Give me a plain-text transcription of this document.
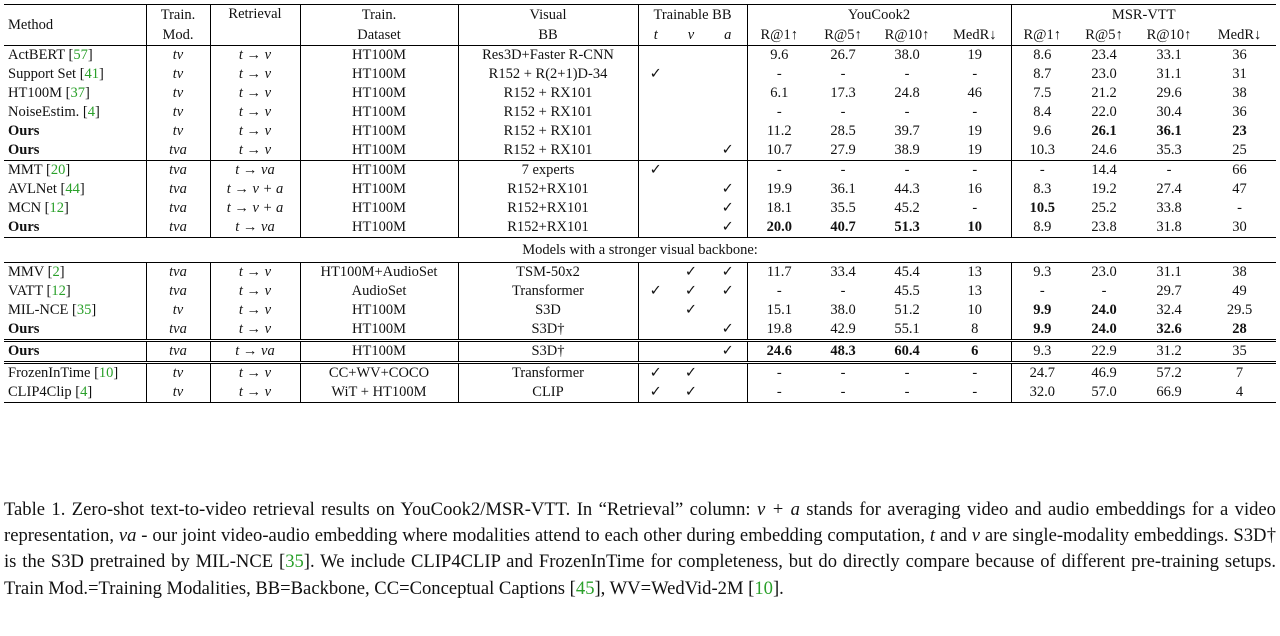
Method	Train.	Retrieval	Train.	Visual	Trainable BB			YouCook2				MSR-VTT			
	Mod.		Dataset	BB	t	v	a	R@1↑	R@5↑	R@10↑	MedR↓	R@1↑	R@5↑	R@10↑	MedR↓
ActBERT [57]	tv	t → v	HT100M	Res3D+Faster R-CNN				9.6	26.7	38.0	19	8.6	23.4	33.1	36
Support Set [41]	tv	t → v	HT100M	R152 + R(2+1)D-34	✓			-	-	-	-	8.7	23.0	31.1	31
HT100M [37]	tv	t → v	HT100M	R152 + RX101				6.1	17.3	24.8	46	7.5	21.2	29.6	38
NoiseEstim. [4]	tv	t → v	HT100M	R152 + RX101				-	-	-	-	8.4	22.0	30.4	36
Ours	tv	t → v	HT100M	R152 + RX101				11.2	28.5	39.7	19	9.6	26.1	36.1	23
Ours	tva	t → v	HT100M	R152 + RX101			✓	10.7	27.9	38.9	19	10.3	24.6	35.3	25
MMT [20]	tva	t → va	HT100M	7 experts	✓			-	-	-	-	-	14.4	-	66
AVLNet [44]	tva	t → v + a	HT100M	R152+RX101			✓	19.9	36.1	44.3	16	8.3	19.2	27.4	47
MCN [12]	tva	t → v + a	HT100M	R152+RX101			✓	18.1	35.5	45.2	-	10.5	25.2	33.8	-
Ours	tva	t → va	HT100M	R152+RX101			✓	20.0	40.7	51.3	10	8.9	23.8	31.8	30
Models with a stronger visual backbone:															
MMV [2]	tva	t → v	HT100M+AudioSet	TSM-50x2		✓	✓	11.7	33.4	45.4	13	9.3	23.0	31.1	38
VATT [12]	tva	t → v	AudioSet	Transformer	✓	✓	✓	-	-	45.5	13	-	-	29.7	49
MIL-NCE [35]	tv	t → v	HT100M	S3D		✓		15.1	38.0	51.2	10	9.9	24.0	32.4	29.5
Ours	tva	t → v	HT100M	S3D†			✓	19.8	42.9	55.1	8	9.9	24.0	32.6	28
Ours	tva	t → va	HT100M	S3D†			✓	24.6	48.3	60.4	6	9.3	22.9	31.2	35
FrozenInTime [10]	tv	t → v	CC+WV+COCO	Transformer	✓	✓		-	-	-	-	24.7	46.9	57.2	7
CLIP4Clip [4]	tv	t → v	WiT + HT100M	CLIP	✓	✓		-	-	-	-	32.0	57.0	66.9	4
Table 1. Zero-shot text-to-video retrieval results on YouCook2/MSR-VTT. In “Retrieval” column: v + a stands for averaging video and audio embeddings for a video representation, va - our joint video-audio embedding where modalities attend to each other during embedding computation, t and v are single-modality embeddings. S3D† is the S3D pretrained by MIL-NCE [35]. We include CLIP4CLIP and FrozenInTime for completeness, but do directly compare because of different pre-training setups. Train Mod.=Training Modalities, BB=Backbone, CC=Conceptual Captions [45], WV=WedVid-2M [10].
